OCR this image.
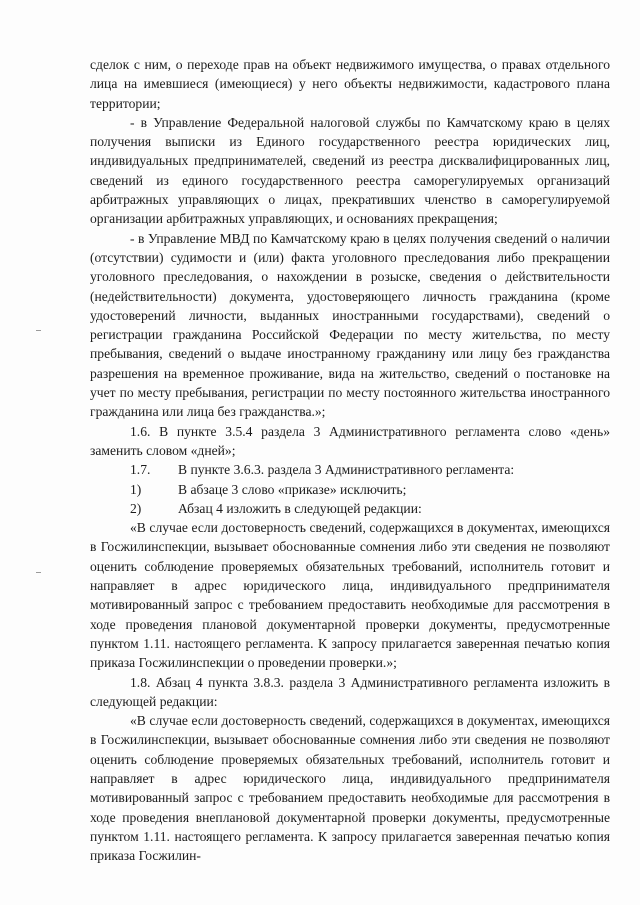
сделок с ним, о переходе прав на объект недвижимого имущества, о правах отдельного лица на имевшиеся (имеющиеся) у него объекты недвижимости, кадастрового плана территории;

- в Управление Федеральной налоговой службы по Камчатскому краю в целях получения выписки из Единого государственного реестра юридических лиц, индивидуальных предпринимателей, сведений из реестра дисквалифицированных лиц, сведений из единого государственного реестра саморегулируемых организаций арбитражных управляющих о лицах, прекративших членство в саморегулируемой организации арбитражных управляющих, и основаниях прекращения;

- в Управление МВД по Камчатскому краю в целях получения сведений о наличии (отсутствии) судимости и (или) факта уголовного преследования либо прекращении уголовного преследования, о нахождении в розыске, сведения о действительности (недействительности) документа, удостоверяющего личность гражданина (кроме удостоверений личности, выданных иностранными государствами), сведений о регистрации гражданина Российской Федерации по месту жительства, по месту пребывания, сведений о выдаче иностранному гражданину или лицу без гражданства разрешения на временное проживание, вида на жительство, сведений о постановке на учет по месту пребывания, регистрации по месту постоянного жительства иностранного гражданина или лица без гражданства.»;

1.6. В пункте 3.5.4 раздела 3 Административного регламента слово «день» заменить словом «дней»;

1.7.	В пункте 3.6.3. раздела 3 Административного регламента:
1)	В абзаце 3 слово «приказе» исключить;
2)	Абзац 4 изложить в следующей редакции:

«В случае если достоверность сведений, содержащихся в документах, имеющихся в Госжилинспекции, вызывает обоснованные сомнения либо эти сведения не позволяют оценить соблюдение проверяемых обязательных требований, исполнитель готовит и направляет в адрес юридического лица, индивидуального предпринимателя мотивированный запрос с требованием предоставить необходимые для рассмотрения в ходе проведения плановой документарной проверки документы, предусмотренные пунктом 1.11. настоящего регламента. К запросу прилагается заверенная печатью копия приказа Госжилинспекции о проведении проверки.»;

1.8. Абзац 4 пункта 3.8.3. раздела 3 Административного регламента изложить в следующей редакции:

«В случае если достоверность сведений, содержащихся в документах, имеющихся в Госжилинспекции, вызывает обоснованные сомнения либо эти сведения не позволяют оценить соблюдение проверяемых обязательных требований, исполнитель готовит и направляет в адрес юридического лица, индивидуального предпринимателя мотивированный запрос с требованием предоставить необходимые для рассмотрения в ходе проведения внеплановой документарной проверки документы, предусмотренные пунктом 1.11. настоящего регламента. К запросу прилагается заверенная печатью копия приказа Госжилин-
